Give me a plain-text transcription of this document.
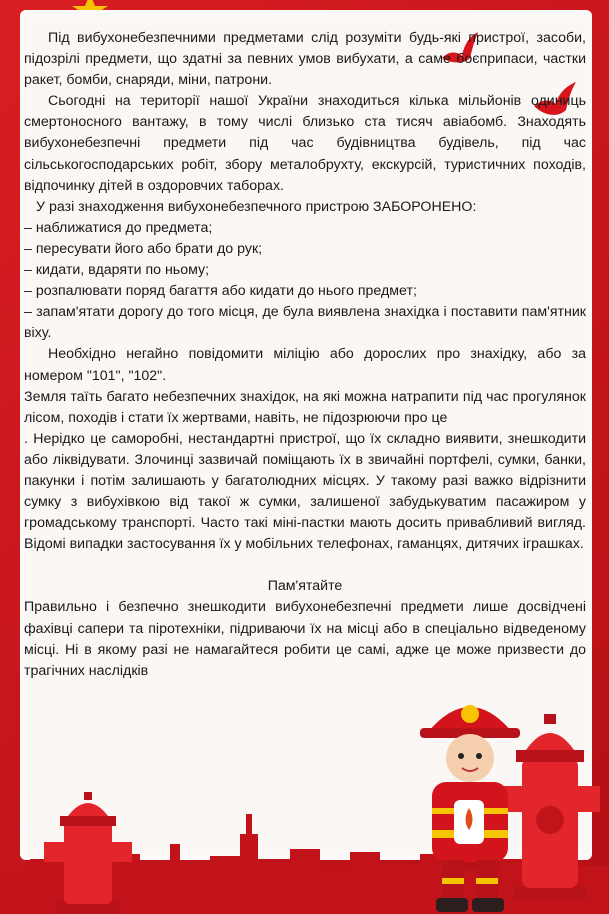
Під вибухонебезпечними предметами слід розуміти будь-які пристрої, засоби, підозрілі предмети, що здатні за певних умов вибухати, а саме боєприпаси, частки ракет, бомби, снаряди, міни, патрони.

Сьогодні на території нашої України знаходиться кілька мільйонів одиниць смертоносного вантажу, в тому числі близько ста тисяч авіабомб. Знаходять вибухонебезпечні предмети під час будівництва будівель, під час сільськогосподарських робіт, збору металобрухту, екскурсій, туристичних походів, відпочинку дітей в оздоровчих таборах.

У разі знаходження вибухонебезпечного пристрою ЗАБОРОНЕНО:

– наближатися до предмета;

– пересувати його або брати до рук;

– кидати, вдаряти по ньому;

– розпалювати поряд багаття або кидати до нього предмет;

– запам'ятати дорогу до того місця, де була виявлена знахідка і поставити пам'ятник віху.

Необхідно негайно повідомити міліцію або дорослих про знахідку, або за номером "101", "102".

Земля таїть багато небезпечних знахідок, на які можна натрапити під час прогулянок лісом, походів і стати їх жертвами, навіть, не підозрюючи про це

. Нерідко це саморобні, нестандартні пристрої, що їх складно виявити, знешкодити або ліквідувати. Злочинці зазвичай поміщають їх в звичайні портфелі, сумки, банки, пакунки і потім залишають у багатолюдних місцях. У такому разі важко відрізнити сумку з вибухівкою від такої ж сумки, залишеної забудькуватим пасажиром у громадському транспорті. Часто такі міні-пастки мають досить привабливий вигляд. Відомі випадки застосування їх у мобільних телефонах, гаманцях, дитячих іграшках.

Пам'ятайте

Правильно і безпечно знешкодити вибухонебезпечні предмети лише досвідчені фахівці сапери та піротехніки, підриваючи їх на місці або в спеціально відведеному місці. Ні в якому разі не намагайтеся робити це самі, адже це може призвести до трагічних наслідків
